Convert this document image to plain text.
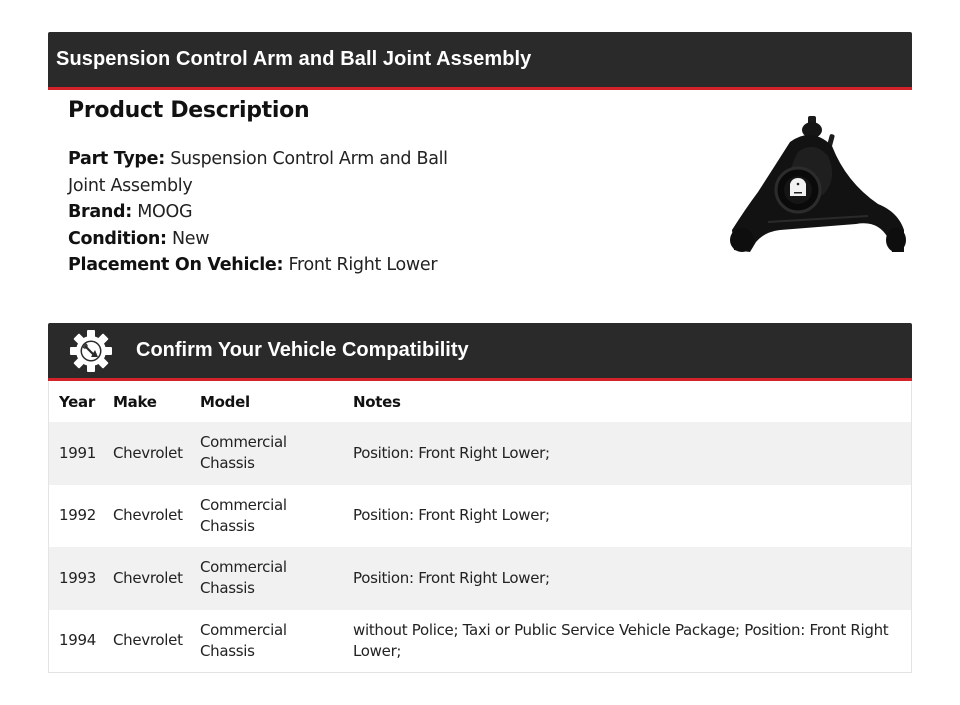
Suspension Control Arm and Ball Joint Assembly
Product Description
Part Type: Suspension Control Arm and Ball Joint Assembly
Brand: MOOG
Condition: New
Placement On Vehicle: Front Right Lower
Confirm Your Vehicle Compatibility
Year	Make	Model	Notes
1991	Chevrolet	Commercial Chassis	Position: Front Right Lower;
1992	Chevrolet	Commercial Chassis	Position: Front Right Lower;
1993	Chevrolet	Commercial Chassis	Position: Front Right Lower;
1994	Chevrolet	Commercial Chassis	without Police; Taxi or Public Service Vehicle Package; Position: Front Right Lower;
